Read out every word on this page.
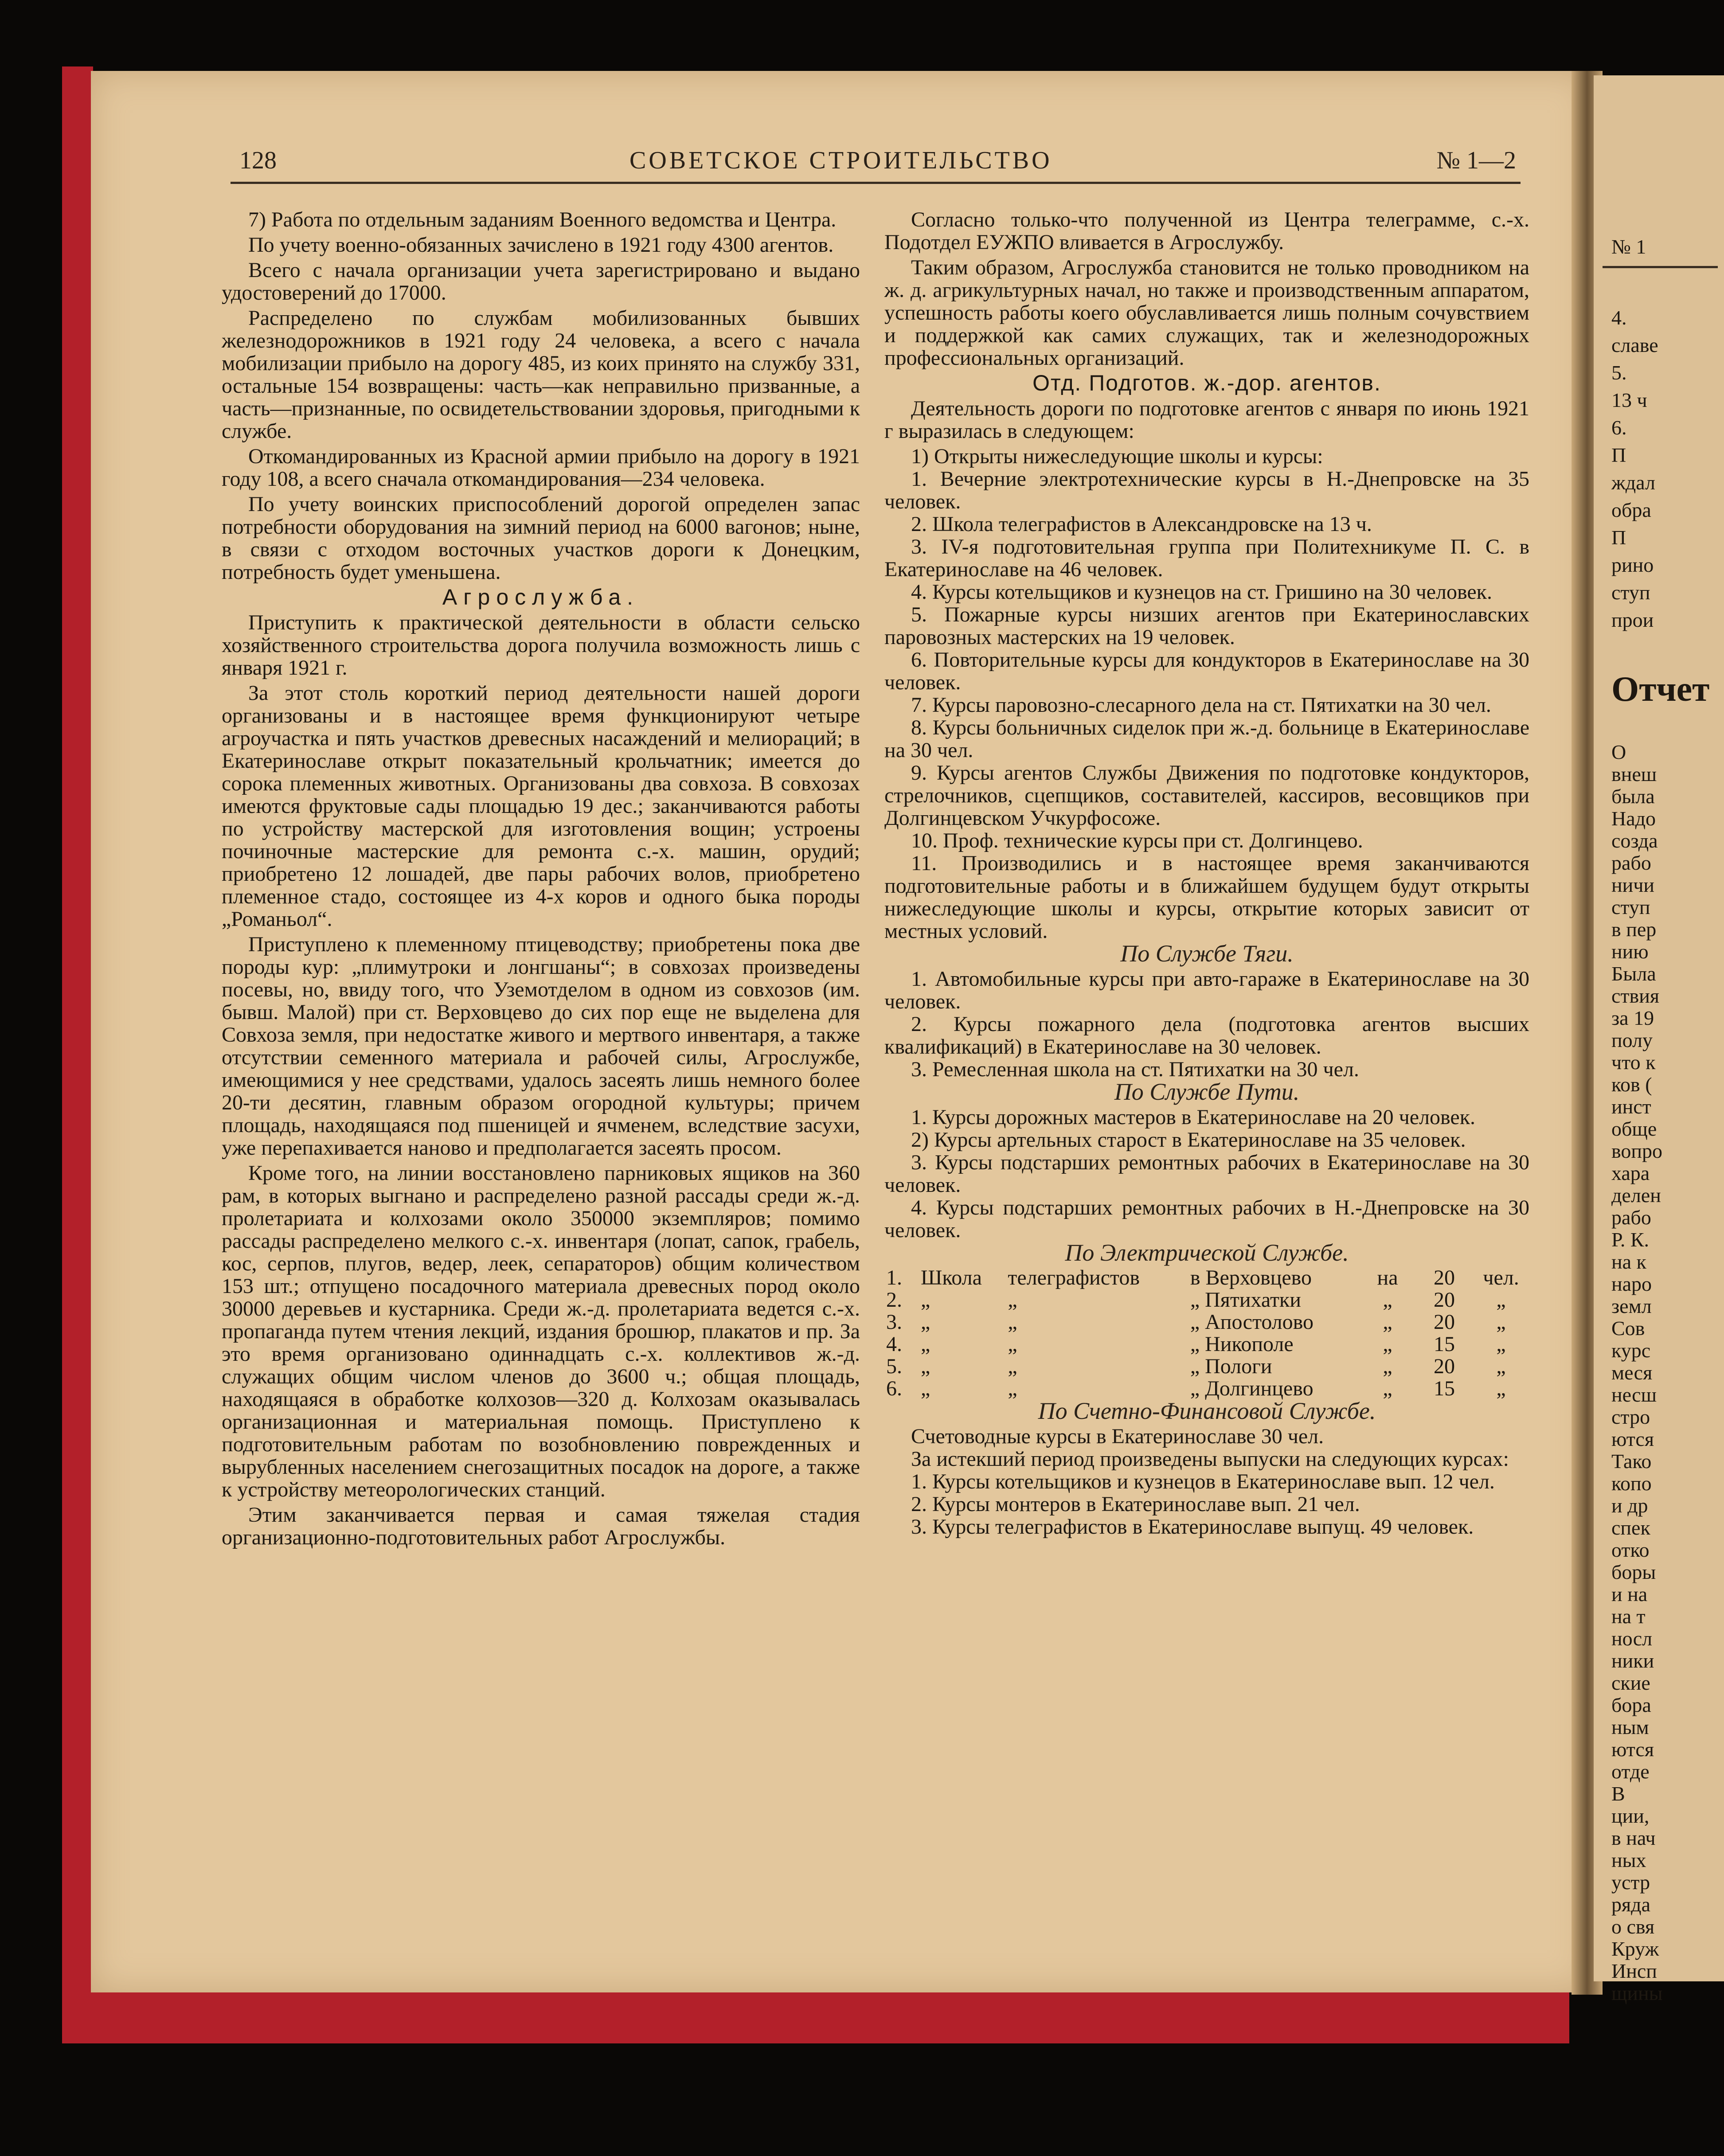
№ 1
4.
славе
5.
13 ч
6.
П
ждал
обра
П
рино
ступ
прои
Отчет
О
внеш
была
Надо
созда
рабо
ничи
ступ
в пер
нию
Была
ствия
за 19
полу
что к
ков (
инст
обще
вопро
хара
делен
рабо
Р. К.
на к
наро
земл
Сов
курс
меся
несш
стро
ются
Тако
копо
и др
спек
отко
боры
и на
на т
носл
ники
ские
бора
ным
ются
отде
В
ции,
в нач
ных
устр
ряда
о свя
Круж
Инсп
щины
128	СОВЕТСКОЕ СТРОИТЕЛЬСТВО	№ 1—2

7) Работа по отдельным заданиям Военного ведомства и Центра.

По учету военно-обязанных зачислено в 1921 году 4300 агентов.

Всего с начала организации учета зарегистрировано и выдано удостоверений до 17000.

Распределено по службам мобилизованных бывших железнодорожников в 1921 году 24 человека, а всего с начала мобилизации прибыло на дорогу 485, из коих принято на службу 331, остальные 154 возвращены: часть—как неправильно призванные, а часть—признанные, по освидетельствовании здоровья, пригодными к службе.

Откомандированных из Красной армии прибыло на дорогу в 1921 году 108, а всего сначала откомандирования—234 человека.

По учету воинских приспособлений дорогой определен запас потребности оборудования на зимний период на 6000 вагонов; ныне, в связи с отходом восточных участков дороги к Донецким, потребность будет уменьшена.

Агрослужба.

Приступить к практической деятельности в области сельско хозяйственного строительства дорога получила возможность лишь с января 1921 г.

За этот столь короткий период деятельности нашей дороги организованы и в настоящее время функционируют четыре агроучастка и пять участков древесных насаждений и мелиораций; в Екатеринославе открыт показательный крольчатник; имеется до сорока племенных животных. Организованы два совхоза. В совхозах имеются фруктовые сады площадью 19 дес.; заканчиваются работы по устройству мастерской для изготовления вощин; устроены починочные мастерские для ремонта с.-х. машин, орудий; приобретено 12 лошадей, две пары рабочих волов, приобретено племенное стадо, состоящее из 4-х коров и одного быка породы „Романьол“.

Приступлено к племенному птицеводству; приобретены пока две породы кур: „плимутроки и лонгшаны“; в совхозах произведены посевы, но, ввиду того, что Уземотделом в одном из совхозов (им. бывш. Малой) при ст. Верховцево до сих пор еще не выделена для Совхоза земля, при недостатке живого и мертвого инвентаря, а также отсутствии семенного материала и рабочей силы, Агрослужбе, имеющимися у нее средствами, удалось засеять лишь немного более 20-ти десятин, главным образом огородной культуры; причем площадь, находящаяся под пшеницей и ячменем, вследствие засухи, уже перепахивается наново и предполагается засеять просом.

Кроме того, на линии восстановлено парниковых ящиков на 360 рам, в которых выгнано и распределено разной рассады среди ж.-д. пролетариата и колхозами около 350000 экземпляров; помимо рассады распределено мелкого с.-х. инвентаря (лопат, сапок, грабель, кос, серпов, плугов, ведер, леек, сепараторов) общим количеством 153 шт.; отпущено посадочного материала древесных пород около 30000 деревьев и кустарника. Среди ж.-д. пролетариата ведется с.-х. пропаганда путем чтения лекций, издания брошюр, плакатов и пр. За это время организовано одиннадцать с.-х. коллективов ж.-д. служащих общим числом членов до 3600 ч.; общая площадь, находящаяся в обработке колхозов—320 д. Колхозам оказывалась организационная и материальная помощь. Приступлено к подготовительным работам по возобновлению поврежденных и вырубленных населением снегозащитных посадок на дороге, а также к устройству метеорологических станций.

Этим заканчивается первая и самая тяжелая стадия организационно-подготовительных работ Агрослужбы.

Согласно только-что полученной из Центра телеграмме, с.-х. Подотдел ЕУЖПО вливается в Агрослужбу.

Таким образом, Агрослужба становится не только проводником на ж. д. агрикультурных начал, но также и производственным аппаратом, успешность работы коего обуславливается лишь полным сочувствием и поддержкой как самих служащих, так и железнодорожных профессиональных организаций.

Отд. Подготов. ж.-дор. агентов.

Деятельность дороги по подготовке агентов с января по июнь 1921 г выразилась в следующем:

1) Открыты нижеследующие школы и курсы:

1. Вечерние электротехнические курсы в Н.-Днепровске на 35 человек.

2. Школа телеграфистов в Александровске на 13 ч.

3. IV-я подготовительная группа при Политехникуме П. С. в Екатеринославе на 46 человек.

4. Курсы котельщиков и кузнецов на ст. Гришино на 30 человек.

5. Пожарные курсы низших агентов при Екатеринославских паровозных мастерских на 19 человек.

6. Повторительные курсы для кондукторов в Екатеринославе на 30 человек.

7. Курсы паровозно-слесарного дела на ст. Пятихатки на 30 чел.

8. Курсы больничных сиделок при ж.-д. больнице в Екатеринославе на 30 чел.

9. Курсы агентов Службы Движения по подготовке кондукторов, стрелочников, сцепщиков, составителей, кассиров, весовщиков при Долгинцевском Учкурфосоже.

10. Проф. технические курсы при ст. Долгинцево.

11. Производились и в настоящее время заканчиваются подготовительные работы и в ближайшем будущем будут открыты нижеследующие школы и курсы, открытие которых зависит от местных условий.

По Службе Тяги.

1. Автомобильные курсы при авто-гараже в Екатеринославе на 30 человек.

2. Курсы пожарного дела (подготовка агентов высших квалификаций) в Екатеринославе на 30 человек.

3. Ремесленная школа на ст. Пятихатки на 30 чел.

По Службе Пути.

1. Курсы дорожных мастеров в Екатеринославе на 20 человек.

2) Курсы артельных старост в Екатеринославе на 35 человек.

3. Курсы подстарших ремонтных рабочих в Екатеринославе на 30 человек.

4. Курсы подстарших ремонтных рабочих в Н.-Днепровске на 30 человек.

По Электрической Службе.

1.	Школа	телеграфистов	в Верховцево	на	20	чел.
2.	„	„	„ Пятихатки	„	20	„
3.	„	„	„ Апостолово	„	20	„
4.	„	„	„ Никополе	„	15	„
5.	„	„	„ Пологи	„	20	„
6.	„	„	„ Долгинцево	„	15	„

По Счетно-Финансовой Службе.

Счетоводные курсы в Екатеринославе 30 чел.

За истекший период произведены выпуски на следующих курсах:

1. Курсы котельщиков и кузнецов в Екатеринославе вып. 12 чел.

2. Курсы монтеров в Екатеринославе вып. 21 чел.

3. Курсы телеграфистов в Екатеринославе выпущ. 49 человек.
